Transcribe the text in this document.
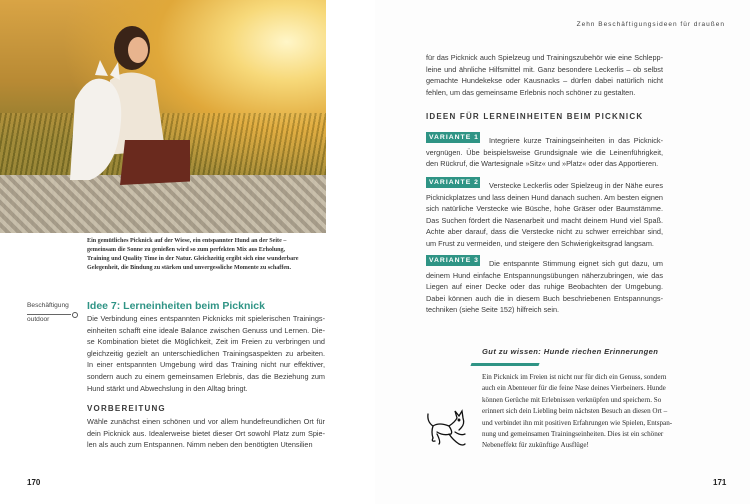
Ein gemütliches Picknick auf der Wiese, ein entspannter Hund an der Seite –
gemeinsam die Sonne zu genießen wird so zum perfekten Mix aus Erholung,
Training und Quality Time in der Natur. Gleichzeitig ergibt sich eine wunderbare
Gelegenheit, die Bindung zu stärken und unvergessliche Momente zu schaffen.
Beschäftigung
outdoor
Idee 7: Lerneinheiten beim Picknick
Die Verbindung eines entspannten Picknicks mit spielerischen Trainings-
einheiten schafft eine ideale Balance zwischen Genuss und Lernen. Die-
se Kombination bietet die Möglichkeit, Zeit im Freien zu verbringen und
gleichzeitig gezielt an unterschiedlichen Trainingsaspekten zu arbeiten.
In einer entspannten Umgebung wird das Training nicht nur effektiver,
sondern auch zu einem gemeinsamen Erlebnis, das die Beziehung zum
Hund stärkt und Abwechslung in den Alltag bringt.
VORBEREITUNG
Wähle zunächst einen schönen und vor allem hundefreundlichen Ort für
dein Picknick aus. Idealerweise bietet dieser Ort sowohl Platz zum Spie-
len als auch zum Entspannen. Nimm neben den benötigten Utensilien
170
Zehn Beschäftigungsideen für draußen
für das Picknick auch Spielzeug und Trainingszubehör wie eine Schlepp-
leine und ähnliche Hilfsmittel mit. Ganz besondere Leckerlis – ob selbst
gemachte Hundekekse oder Kausnacks – dürfen dabei natürlich nicht
fehlen, um das gemeinsame Erlebnis noch schöner zu gestalten.
IDEEN FÜR LERNEINHEITEN BEIM PICKNICK
VARIANTE 1 Integriere kurze Trainingseinheiten in das Picknick-
vergnügen. Übe beispielsweise Grundsignale wie die Leinenführigkeit,
den Rückruf, die Wartesignale »Sitz« und »Platz« oder das Apportieren.
VARIANTE 2 Verstecke Leckerlis oder Spielzeug in der Nähe eures
Picknickplatzes und lass deinen Hund danach suchen. Am besten eignen
sich natürliche Verstecke wie Büsche, hohe Gräser oder Baumstämme.
Das Suchen fördert die Nasenarbeit und macht deinem Hund viel Spaß.
Achte aber darauf, dass die Verstecke nicht zu schwer erreichbar sind,
um Frust zu vermeiden, und steigere den Schwierigkeitsgrad langsam.
VARIANTE 3 Die entspannte Stimmung eignet sich gut dazu, um
deinem Hund einfache Entspannungsübungen näherzubringen, wie das
Liegen auf einer Decke oder das ruhige Beobachten der Umgebung.
Dabei können auch die in diesem Buch beschriebenen Entspannungs-
techniken (siehe Seite 152) hilfreich sein.
Gut zu wissen: Hunde riechen Erinnerungen
Ein Picknick im Freien ist nicht nur für dich ein Genuss, sondern
auch ein Abenteuer für die feine Nase deines Vierbeiners. Hunde
können Gerüche mit Erlebnissen verknüpfen und speichern. So
erinnert sich dein Liebling beim nächsten Besuch an diesen Ort –
und verbindet ihn mit positiven Erfahrungen wie Spielen, Entspan-
nung und gemeinsamen Trainingseinheiten. Dies ist ein schöner
Nebeneffekt für zukünftige Ausflüge!
171
